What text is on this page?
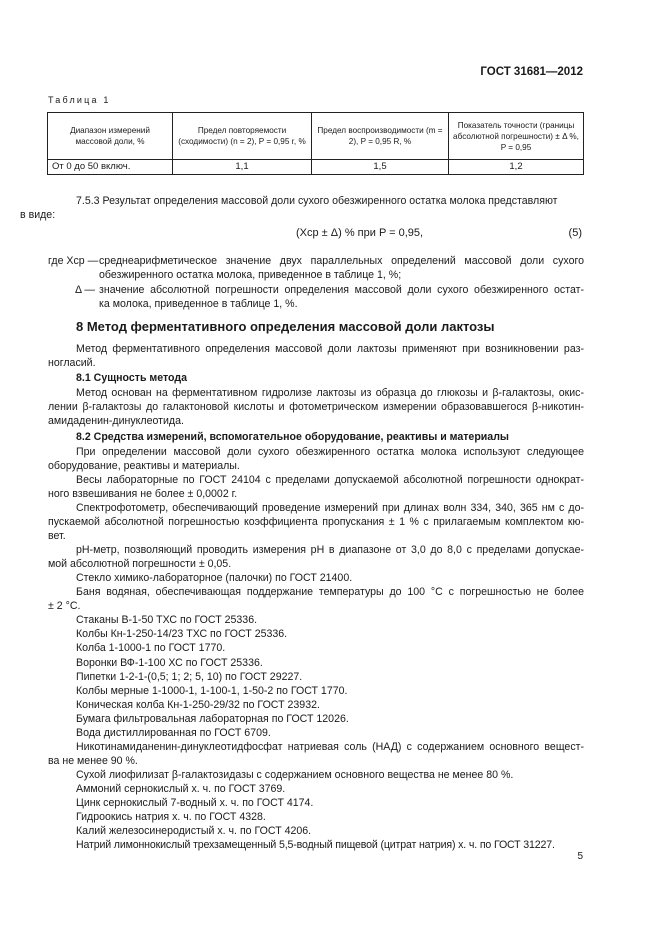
ГОСТ 31681—2012
Таблица 1
Диапазон измерений массовой доли, %	Предел повторяемости (сходимости) (n = 2), P = 0,95 r, %	Предел воспроизводимости (m = 2), P = 0,95 R, %	Показатель точности (границы абсолютной погрешности) ± Δ %, P = 0,95
От 0 до 50 включ.	1,1	1,5	1,2
7.5.3 Результат определения массовой доли сухого обезжиренного остатка молока представляют
в виде:
(Xср ± Δ) % при P = 0,95,	(5)
где Xср — среднеарифметическое значение двух параллельных определений массовой доли сухого
обезжиренного остатка молока, приведенное в таблице 1, %;
Δ — значение абсолютной погрешности определения массовой доли сухого обезжиренного остат-
ка молока, приведенное в таблице 1, %.
8 Метод ферментативного определения массовой доли лактозы
Метод ферментативного определения массовой доли лактозы применяют при возникновении раз-
ногласий.
8.1 Сущность метода
Метод основан на ферментативном гидролизе лактозы из образца до глюкозы и β-галактозы, окис-
лении β-галактозы до галактоновой кислоты и фотометрическом измерении образовавшегося β-никотин-
амидаденин-динуклеотида.
8.2 Средства измерений, вспомогательное оборудование, реактивы и материалы
При определении массовой доли сухого обезжиренного остатка молока используют следующее
оборудование, реактивы и материалы.
Весы лабораторные по ГОСТ 24104 с пределами допускаемой абсолютной погрешности однократ-
ного взвешивания не более ± 0,0002 г.
Спектрофотометр, обеспечивающий проведение измерений при длинах волн 334, 340, 365 нм с до-
пускаемой абсолютной погрешностью коэффициента пропускания ± 1 % с прилагаемым комплектом кю-
вет.
pH-метр, позволяющий проводить измерения pH в диапазоне от 3,0 до 8,0 с пределами допускае-
мой абсолютной погрешности ± 0,05.
Стекло химико-лабораторное (палочки) по ГОСТ 21400.
Баня водяная, обеспечивающая поддержание температуры до 100 °С с погрешностью не более
± 2 °С.
Стаканы В-1-50 ТХС по ГОСТ 25336.
Колбы Кн-1-250-14/23 ТХС по ГОСТ 25336.
Колба 1-1000-1 по ГОСТ 1770.
Воронки ВФ-1-100 ХС по ГОСТ 25336.
Пипетки 1-2-1-(0,5; 1; 2; 5, 10) по ГОСТ 29227.
Колбы мерные 1-1000-1, 1-100-1, 1-50-2 по ГОСТ 1770.
Коническая колба Кн-1-250-29/32 по ГОСТ 23932.
Бумага фильтровальная лабораторная по ГОСТ 12026.
Вода дистиллированная по ГОСТ 6709.
Никотинамиданенин-динуклеотидфосфат натриевая соль (НАД) с содержанием основного вещест-
ва не менее 90 %.
Сухой лиофилизат β-галактозидазы с содержанием основного вещества не менее 80 %.
Аммоний сернокислый х. ч. по ГОСТ 3769.
Цинк сернокислый 7-водный х. ч. по ГОСТ 4174.
Гидроокись натрия х. ч. по ГОСТ 4328.
Калий железосинеродистый х. ч. по ГОСТ 4206.
Натрий лимоннокислый трехзамещенный 5,5-водный пищевой (цитрат натрия) х. ч. по ГОСТ 31227.
5
